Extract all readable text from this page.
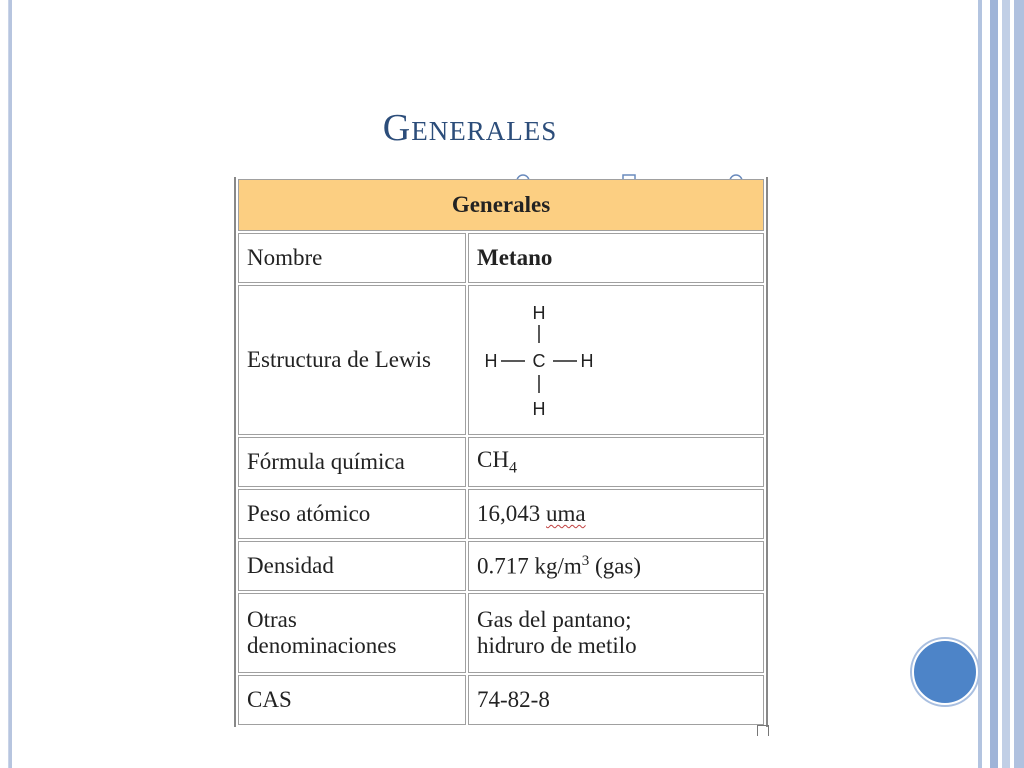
Generales
Generales	
Nombre	Metano
Estructura de Lewis	H
H C H
H

Fórmula química	$CH_4$
Peso atómico	16,043 uma
Densidad	0.717 $kg/m^3$ (gas)
Otras
denominaciones	Gas del pantano;
hidruro de metilo
CAS	74-82-8
